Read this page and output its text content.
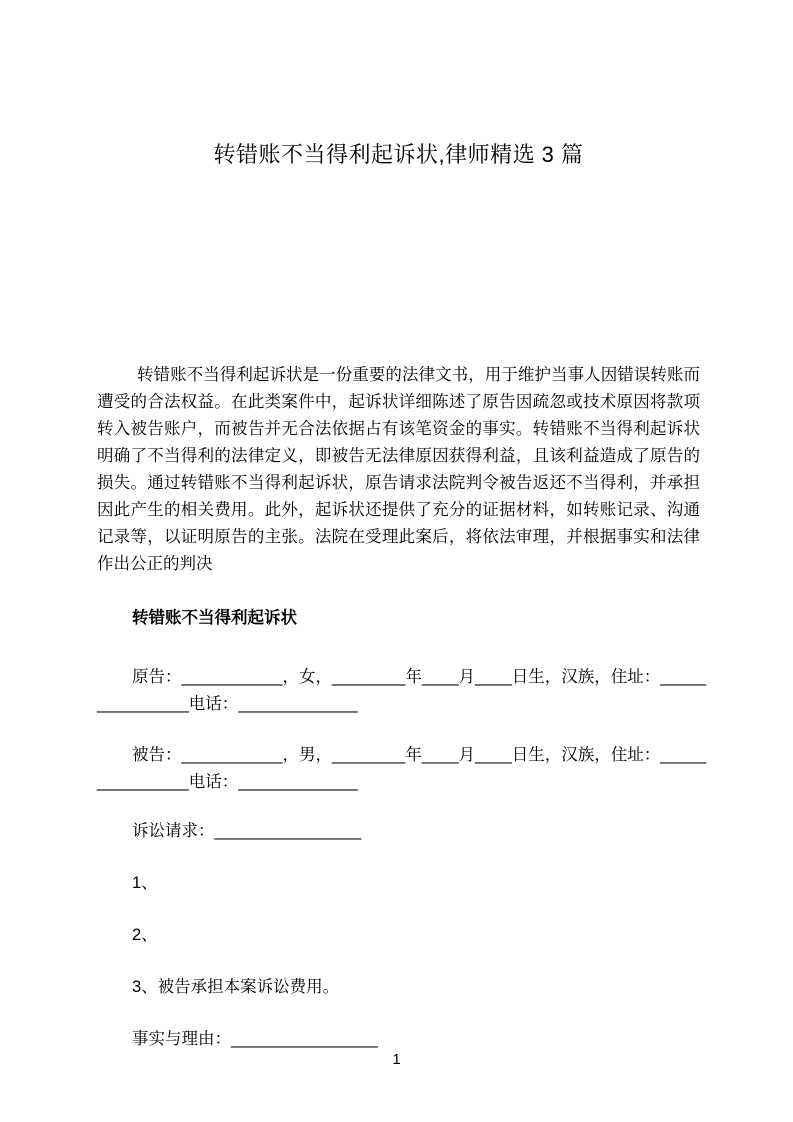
转错账不当得利起诉状,律师精选 3 篇
转错账不当得利起诉状是一份重要的法律文书，用于维护当事人因错误转账而遭受的合法权益。在此类案件中，起诉状详细陈述了原告因疏忽或技术原因将款项转入被告账户，而被告并无合法依据占有该笔资金的事实。转错账不当得利起诉状明确了不当得利的法律定义，即被告无法律原因获得利益，且该利益造成了原告的损失。通过转错账不当得利起诉状，原告请求法院判令被告返还不当得利，并承担因此产生的相关费用。此外，起诉状还提供了充分的证据材料，如转账记录、沟通记录等，以证明原告的主张。法院在受理此案后，将依法审理，并根据事实和法律作出公正的判决
转错账不当得利起诉状
原告：___________，女，________年____月____日生，汉族，住址：_____
__________电话：_____________
被告：___________，男，________年____月____日生，汉族，住址：_____
__________电话：_____________
诉讼请求：________________
1、
2、
3、被告承担本案诉讼费用。
事实与理由：________________
1
